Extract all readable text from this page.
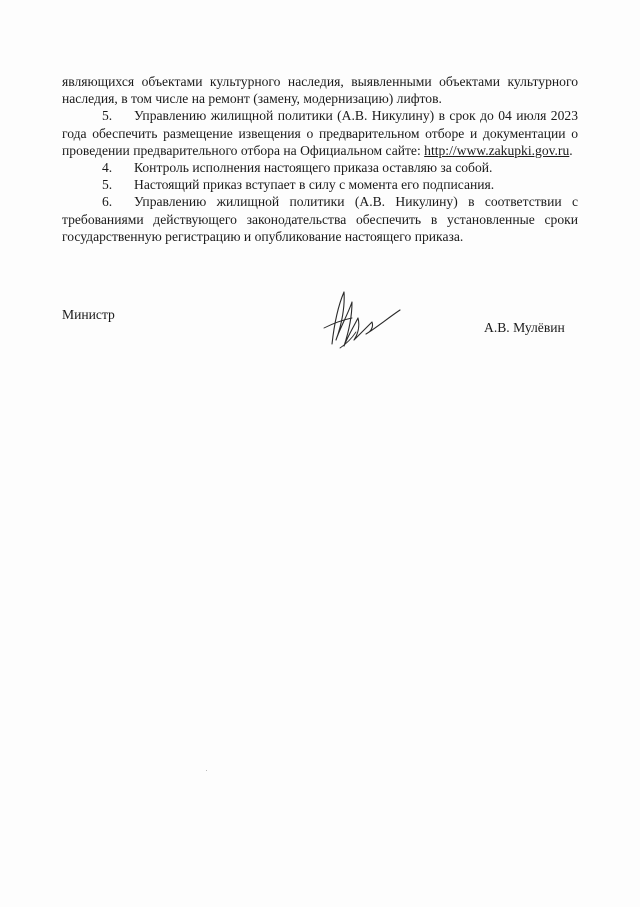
являющихся объектами культурного наследия, выявленными объектами культурного наследия, в том числе на ремонт (замену, модернизацию) лифтов.

5. Управлению жилищной политики (А.В. Никулину) в срок до 04 июля 2023 года обеспечить размещение извещения о предварительном отборе и документации о проведении предварительного отбора на Официальном сайте: http://www.zakupki.gov.ru.

4. Контроль исполнения настоящего приказа оставляю за собой.

5. Настоящий приказ вступает в силу с момента его подписания.

6. Управлению жилищной политики (А.В. Никулину) в соответствии с требованиями действующего законодательства обеспечить в установленные сроки государственную регистрацию и опубликование настоящего приказа.

Министр
А.В. Мулёвин
